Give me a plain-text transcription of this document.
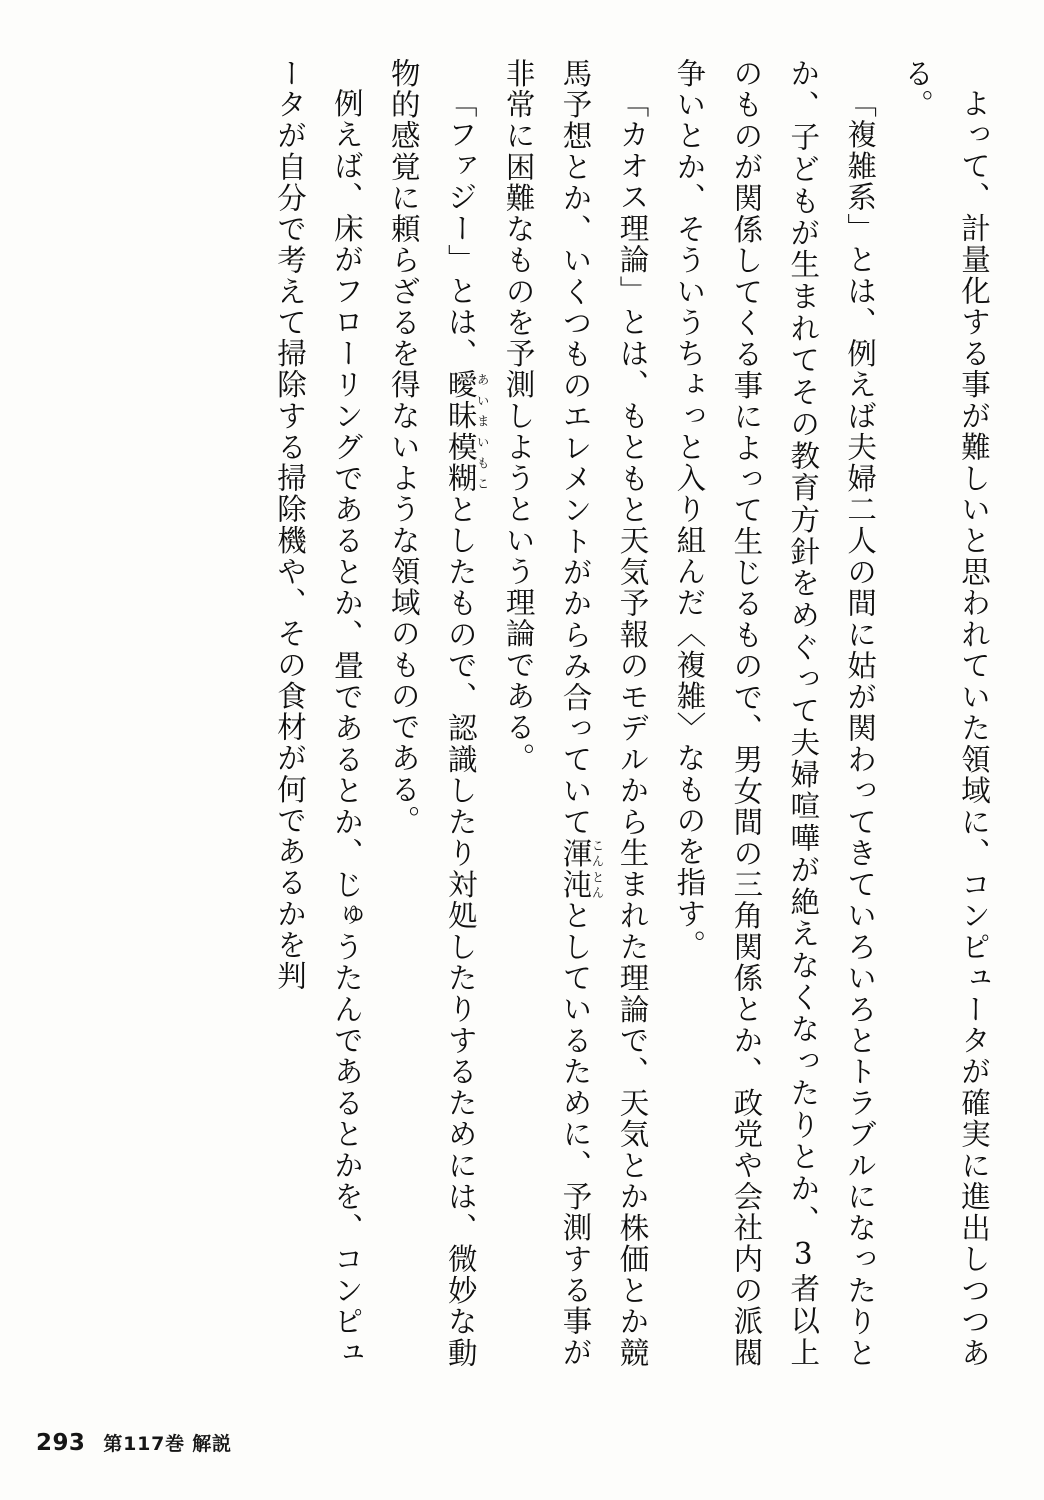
よって、計量化する事が難しいと思われていた領域に、コンピュータが確実に進出しつつある。

「複雑系」とは、例えば夫婦二人の間に姑が関わってきていろいろとトラブルになったりとか、子どもが生まれてその教育方針をめぐって夫婦喧嘩が絶えなくなったりとか、3者以上のものが関係してくる事によって生じるもので、男女間の三角関係とか、政党や会社内の派閥争いとか、そういうちょっと入り組んだ〈複雑〉なものを指す。

「カオス理論」とは、もともと天気予報のモデルから生まれた理論で、天気とか株価とか競馬予想とか、いくつものエレメントがからみ合っていて渾沌こんとんとしているために、予測する事が非常に困難なものを予測しようという理論である。

「ファジー」とは、曖昧模糊あいまいもことしたもので、認識したり対処したりするためには、微妙な動物的感覚に頼らざるを得ないような領域のものである。

例えば、床がフローリングであるとか、畳であるとか、じゅうたんであるとかを、コンピュータが自分で考えて掃除する掃除機や、その食材が何であるかを判

293 第117巻 解説
